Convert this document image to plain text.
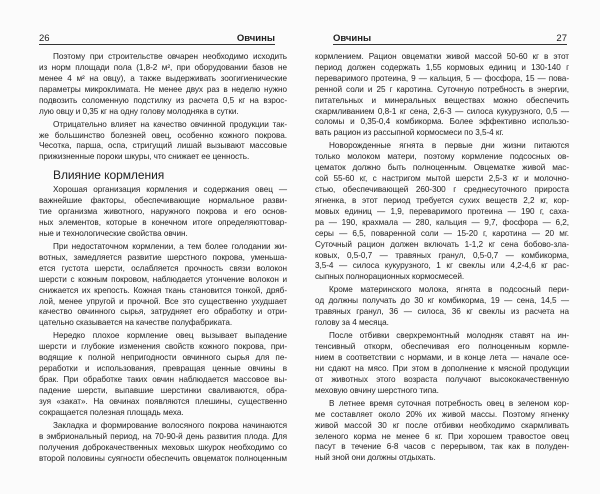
26	Овчины
Поэтому при строительстве овчарен необходимо исходить
из норм площади пола (1,8-2 м², при оборудовании базов не
менее 4 м² на овцу), а также выдерживать зоогигиенические
параметры микроклимата. Не менее двух раз в неделю нужно
подвозить соломенную подстилку из расчета 0,5 кг на взрос-
лую овцу и 0,35 кг на одну голову молодняка в сутки.
Отрицательно влияет на качество овчинной продукции так-
же большинство болезней овец, особенно кожного покрова.
Чесотка, парша, оспа, стригущий лишай вызывают массовые
прижизненные пороки шкуры, что снижает ее ценность.
Влияние кормления
Хорошая организация кормления и содержания овец —
важнейшие факторы, обеспечивающие нормальное разви-
тие организма животного, наружного покрова и его основ-
ных элементов, которые в конечном итоге определяюттовар-
ные и технологические свойства овчин.
При недостаточном кормлении, а тем более голодании жи-
вотных, замедляется развитие шерстного покрова, уменьша-
ется густота шерсти, ослабляется прочность связи волокон
шерсти с кожным покровом, наблюдается утончение волокон и
снижается их крепость. Кожная ткань становится тонкой, дряб-
лой, менее упругой и прочной. Все это существенно ухудшает
качество овчинного сырья, затрудняет его обработку и отри-
цательно сказывается на качестве полуфабриката.
Нередко плохое кормление овец вызывает выпадение
шерсти и глубокие изменения свойств кожного покрова, при-
водящие к полной непригодности овчинного сырья для пе-
реработки и использования, превращая ценные овчины в
брак. При обработке таких овчин наблюдается массовое вы-
падение шерсти, выпавшие шерстинки сваливаются, обра-
зуя «закат». На овчинах появляются плешины, существенно
сокращается полезная площадь меха.
Закладка и формирование волосяного покрова начинаются
в эмбриональный период, на 70-90-й день развития плода. Для
получения доброкачественных меховых шкурок необходимо со
второй половины суягности обеспечить овцематок полноценным
Овчины	27
кормлением. Рацион овцематки живой массой 50-60 кг в этот
период должен содержать 1,55 кормовых единиц и 130-140 г
переваримого протеина, 9 — кальция, 5 — фосфора, 15 — пова-
ренной соли и 25 г каротина. Суточную потребность в энергии,
питательных и минеральных веществах можно обеспечить
скармливанием 0,8-1 кг сена, 2,6-3 — силоса кукурузного, 0,5 —
соломы и 0,35-0,4 комбикорма. Более эффективно использо-
вать рацион из рассыпной кормосмеси по 3,5-4 кг.
Новорожденные ягнята в первые дни жизни питаются
только молоком матери, поэтому кормление подсосных ов-
цематок должно быть полноценным. Овцематке живой мас-
сой 55-60 кг, с настригом мытой шерсти 2,5-3 кг и молочно-
стью, обеспечивающей 260-300 г среднесуточного прироста
ягненка, в этот период требуется сухих веществ 2,2 кг, кор-
мовых единиц — 1,9, переваримого протеина — 190 г, саха-
ра — 190, крахмала — 280, кальция — 9,7, фосфора — 6,2,
серы — 6,5, поваренной соли — 15-20 г, каротина — 20 мг.
Суточный рацион должен включать 1-1,2 кг сена бобово-зла-
ковых, 0,5-0,7 — травяных гранул, 0,5-0,7 — комбикорма,
3,5-4 — силоса кукурузного, 1 кг свеклы или 4,2-4,6 кг рас-
сыпных полнорационных кормосмесей.
Кроме материнского молока, ягнята в подсосный пери-
од должны получать до 30 кг комбикорма, 19 — сена, 14,5 —
травяных гранул, 36 — силоса, 36 кг свеклы из расчета на
голову за 4 месяца.
После отбивки сверхремонтный молодняк ставят на ин-
тенсивный откорм, обеспечивая его полноценным кормле-
нием в соответствии с нормами, и в конце лета — начале осе-
ни сдают на мясо. При этом в дополнение к мясной продукции
от животных этого возраста получают высококачественную
меховую овчину шерстного типа.
В летнее время суточная потребность овец в зеленом кор-
ме составляет около 20% их живой массы. Поэтому ягненку
живой массой 30 кг после отбивки необходимо скармливать
зеленого корма не менее 6 кг. При хорошем травостое овец
пасут в течение 6-8 часов с перерывом, так как в полуден-
ный зной они должны отдыхать.
